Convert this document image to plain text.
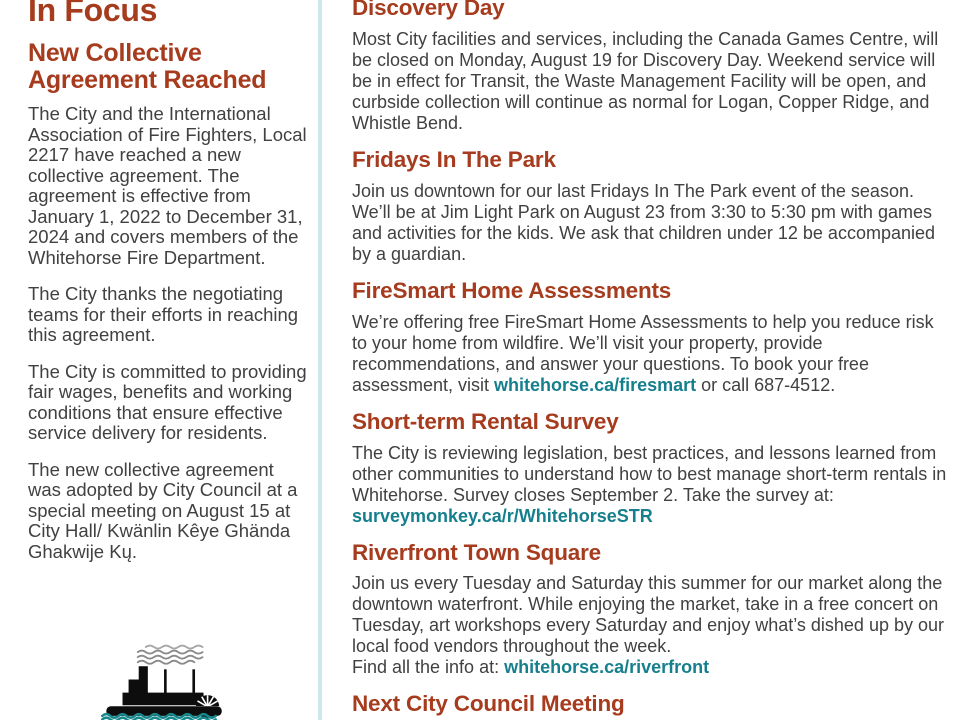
In Focus
New Collective Agreement Reached

The City and the International Association of Fire Fighters, Local 2217 have reached a new collective agreement. The agreement is effective from January 1, 2022 to December 31, 2024 and covers members of the Whitehorse Fire Department.

The City thanks the negotiating teams for their efforts in reaching this agreement.

The City is committed to providing fair wages, benefits and working conditions that ensure effective service delivery for residents.

The new collective agreement was adopted by City Council at a special meeting on August 15 at City Hall/ Kwänlin Kêye Ghända Ghakwije Kų.

Discovery Day

Most City facilities and services, including the Canada Games Centre, will be closed on Monday, August 19 for Discovery Day. Weekend service will be in effect for Transit, the Waste Management Facility will be open, and curbside collection will continue as normal for Logan, Copper Ridge, and Whistle Bend.

Fridays In The Park

Join us downtown for our last Fridays In The Park event of the season. We’ll be at Jim Light Park on August 23 from 3:30 to 5:30 pm with games and activities for the kids. We ask that children under 12 be accompanied by a guardian.

FireSmart Home Assessments

We’re offering free FireSmart Home Assessments to help you reduce risk to your home from wildfire. We’ll visit your property, provide recommendations, and answer your questions. To book your free assessment, visit whitehorse.ca/firesmart or call 687-4512.

Short-term Rental Survey

The City is reviewing legislation, best practices, and lessons learned from other communities to understand how to best manage short-term rentals in Whitehorse. Survey closes September 2. Take the survey at:
surveymonkey.ca/r/WhitehorseSTR

Riverfront Town Square

Join us every Tuesday and Saturday this summer for our market along the downtown waterfront. While enjoying the market, take in a free concert on Tuesday, art workshops every Saturday and enjoy what’s dished up by our local food vendors throughout the week.
Find all the info at: whitehorse.ca/riverfront

Next City Council Meeting
